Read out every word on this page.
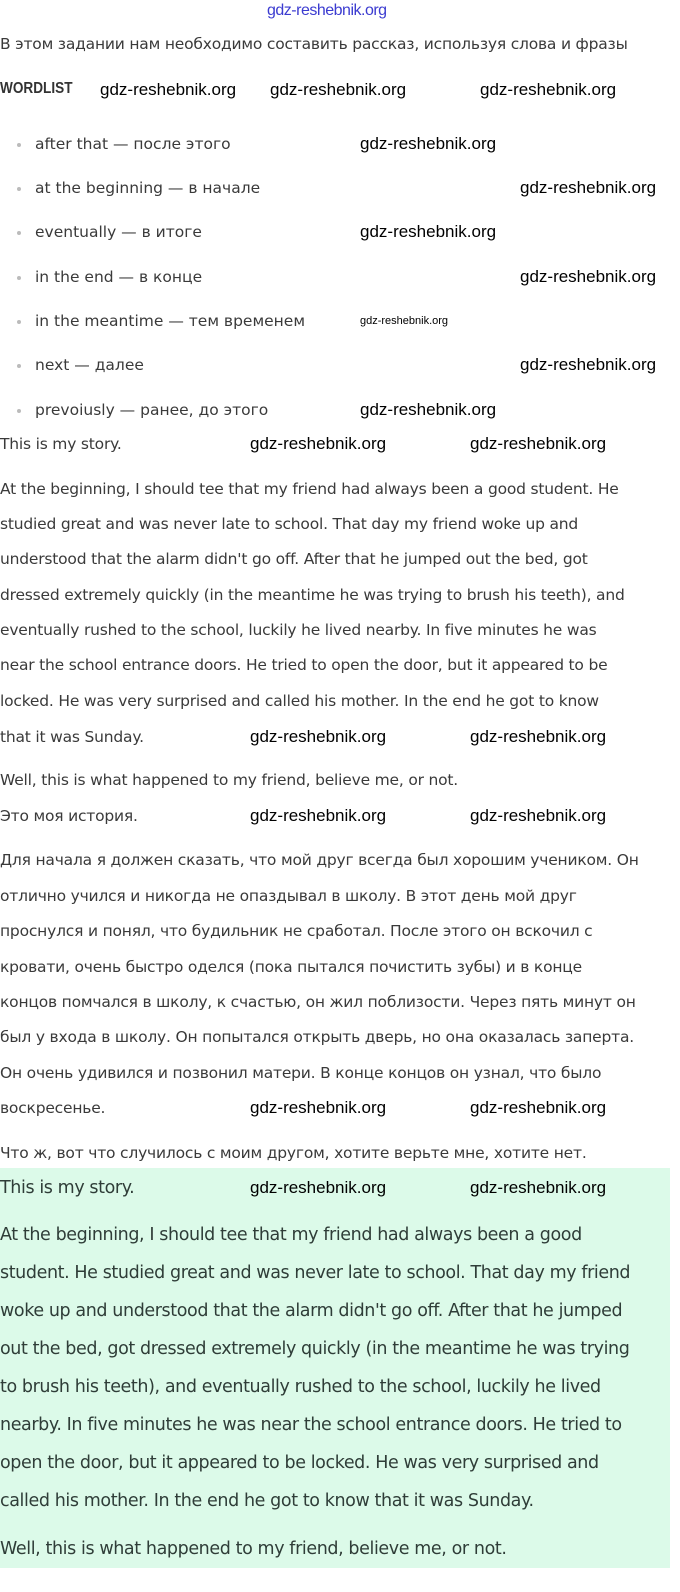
gdz-reshebnik.org
WORDLIST
В этом задании нам необходимо составить рассказ, используя слова и фразы
after that — после этого
at the beginning — в начале
eventually — в итоге
in the end — в конце
in the meantime — тем временем
next — далее
prevoiusly — ранее, до этого
This is my story.
At the beginning, I should tee that my friend had always been a good student. He
studied great and was never late to school. That day my friend woke up and
understood that the alarm didn't go off. After that he jumped out the bed, got
dressed extremely quickly (in the meantime he was trying to brush his teeth), and
eventually rushed to the school, luckily he lived nearby. In five minutes he was
near the school entrance doors. He tried to open the door, but it appeared to be
locked. He was very surprised and called his mother. In the end he got to know
that it was Sunday.
Well, this is what happened to my friend, believe me, or not.
Это моя история.
Для начала я должен сказать, что мой друг всегда был хорошим учеником. Он
отлично учился и никогда не опаздывал в школу. В этот день мой друг
проснулся и понял, что будильник не сработал. После этого он вскочил с
кровати, очень быстро оделся (пока пытался почистить зубы) и в конце
концов помчался в школу, к счастью, он жил поблизости. Через пять минут он
был у входа в школу. Он попытался открыть дверь, но она оказалась заперта.
Он очень удивился и позвонил матери. В конце концов он узнал, что было
воскресенье.
Что ж, вот что случилось с моим другом, хотите верьте мне, хотите нет.
This is my story.
At the beginning, I should tee that my friend had always been a good
student. He studied great and was never late to school. That day my friend
woke up and understood that the alarm didn't go off. After that he jumped
out the bed, got dressed extremely quickly (in the meantime he was trying
to brush his teeth), and eventually rushed to the school, luckily he lived
nearby. In five minutes he was near the school entrance doors. He tried to
open the door, but it appeared to be locked. He was very surprised and
called his mother. In the end he got to know that it was Sunday.
Well, this is what happened to my friend, believe me, or not.
gdz-reshebnik.org gdz-reshebnik.org	gdz-reshebnik.org
gdz-reshebnik.org
gdz-reshebnik.org
gdz-reshebnik.org
gdz-reshebnik.org
gdz-reshebnik.org
gdz-reshebnik.org
gdz-reshebnik.org
gdz-reshebnik.org	gdz-reshebnik.org
gdz-reshebnik.org	gdz-reshebnik.org
gdz-reshebnik.org	gdz-reshebnik.org
gdz-reshebnik.org	gdz-reshebnik.org
gdz-reshebnik.org	gdz-reshebnik.org
